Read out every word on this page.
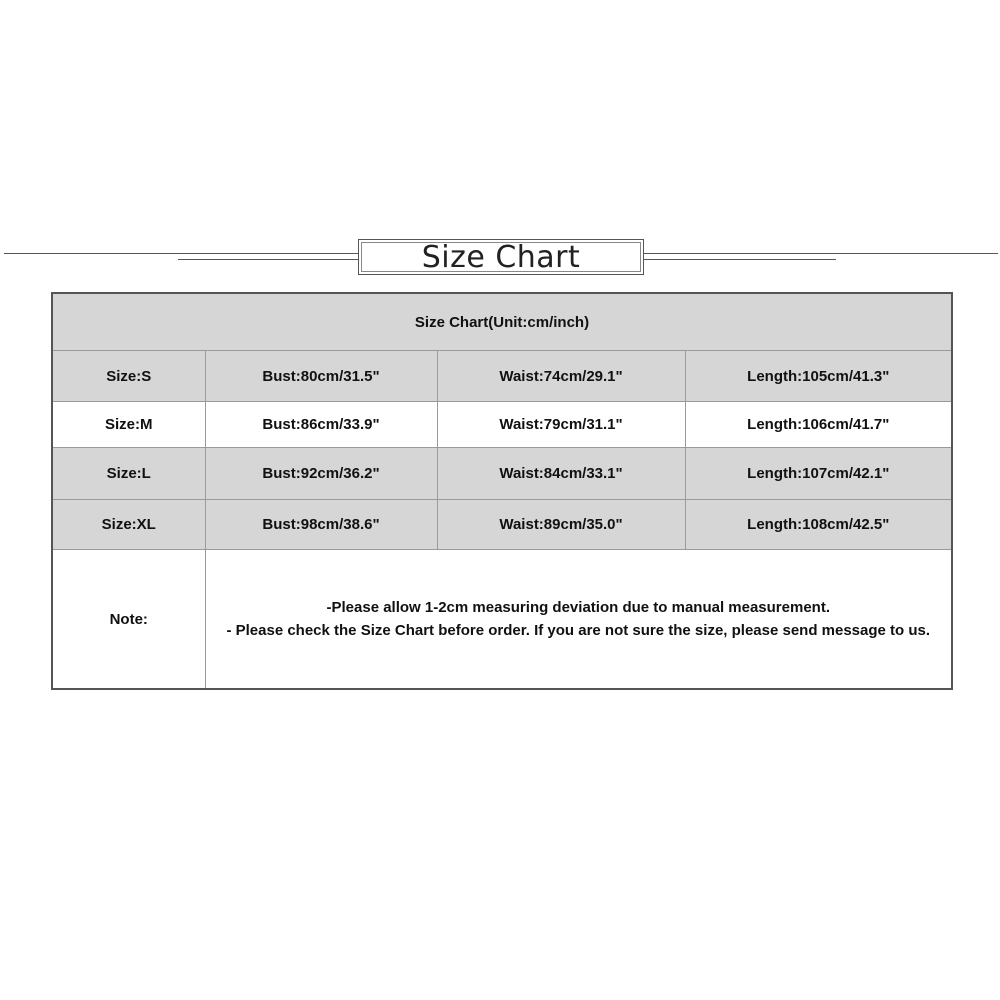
Size Chart
Size Chart(Unit:cm/inch)			
Size:S	Bust:80cm/31.5"	Waist:74cm/29.1"	Length:105cm/41.3"
Size:M	Bust:86cm/33.9"	Waist:79cm/31.1"	Length:106cm/41.7"
Size:L	Bust:92cm/36.2"	Waist:84cm/33.1"	Length:107cm/42.1"
Size:XL	Bust:98cm/38.6"	Waist:89cm/35.0"	Length:108cm/42.5"
Note:	-Please allow 1-2cm measuring deviation due to manual measurement.
- Please check the Size Chart before order. If you are not sure the size, please send message to us.		
